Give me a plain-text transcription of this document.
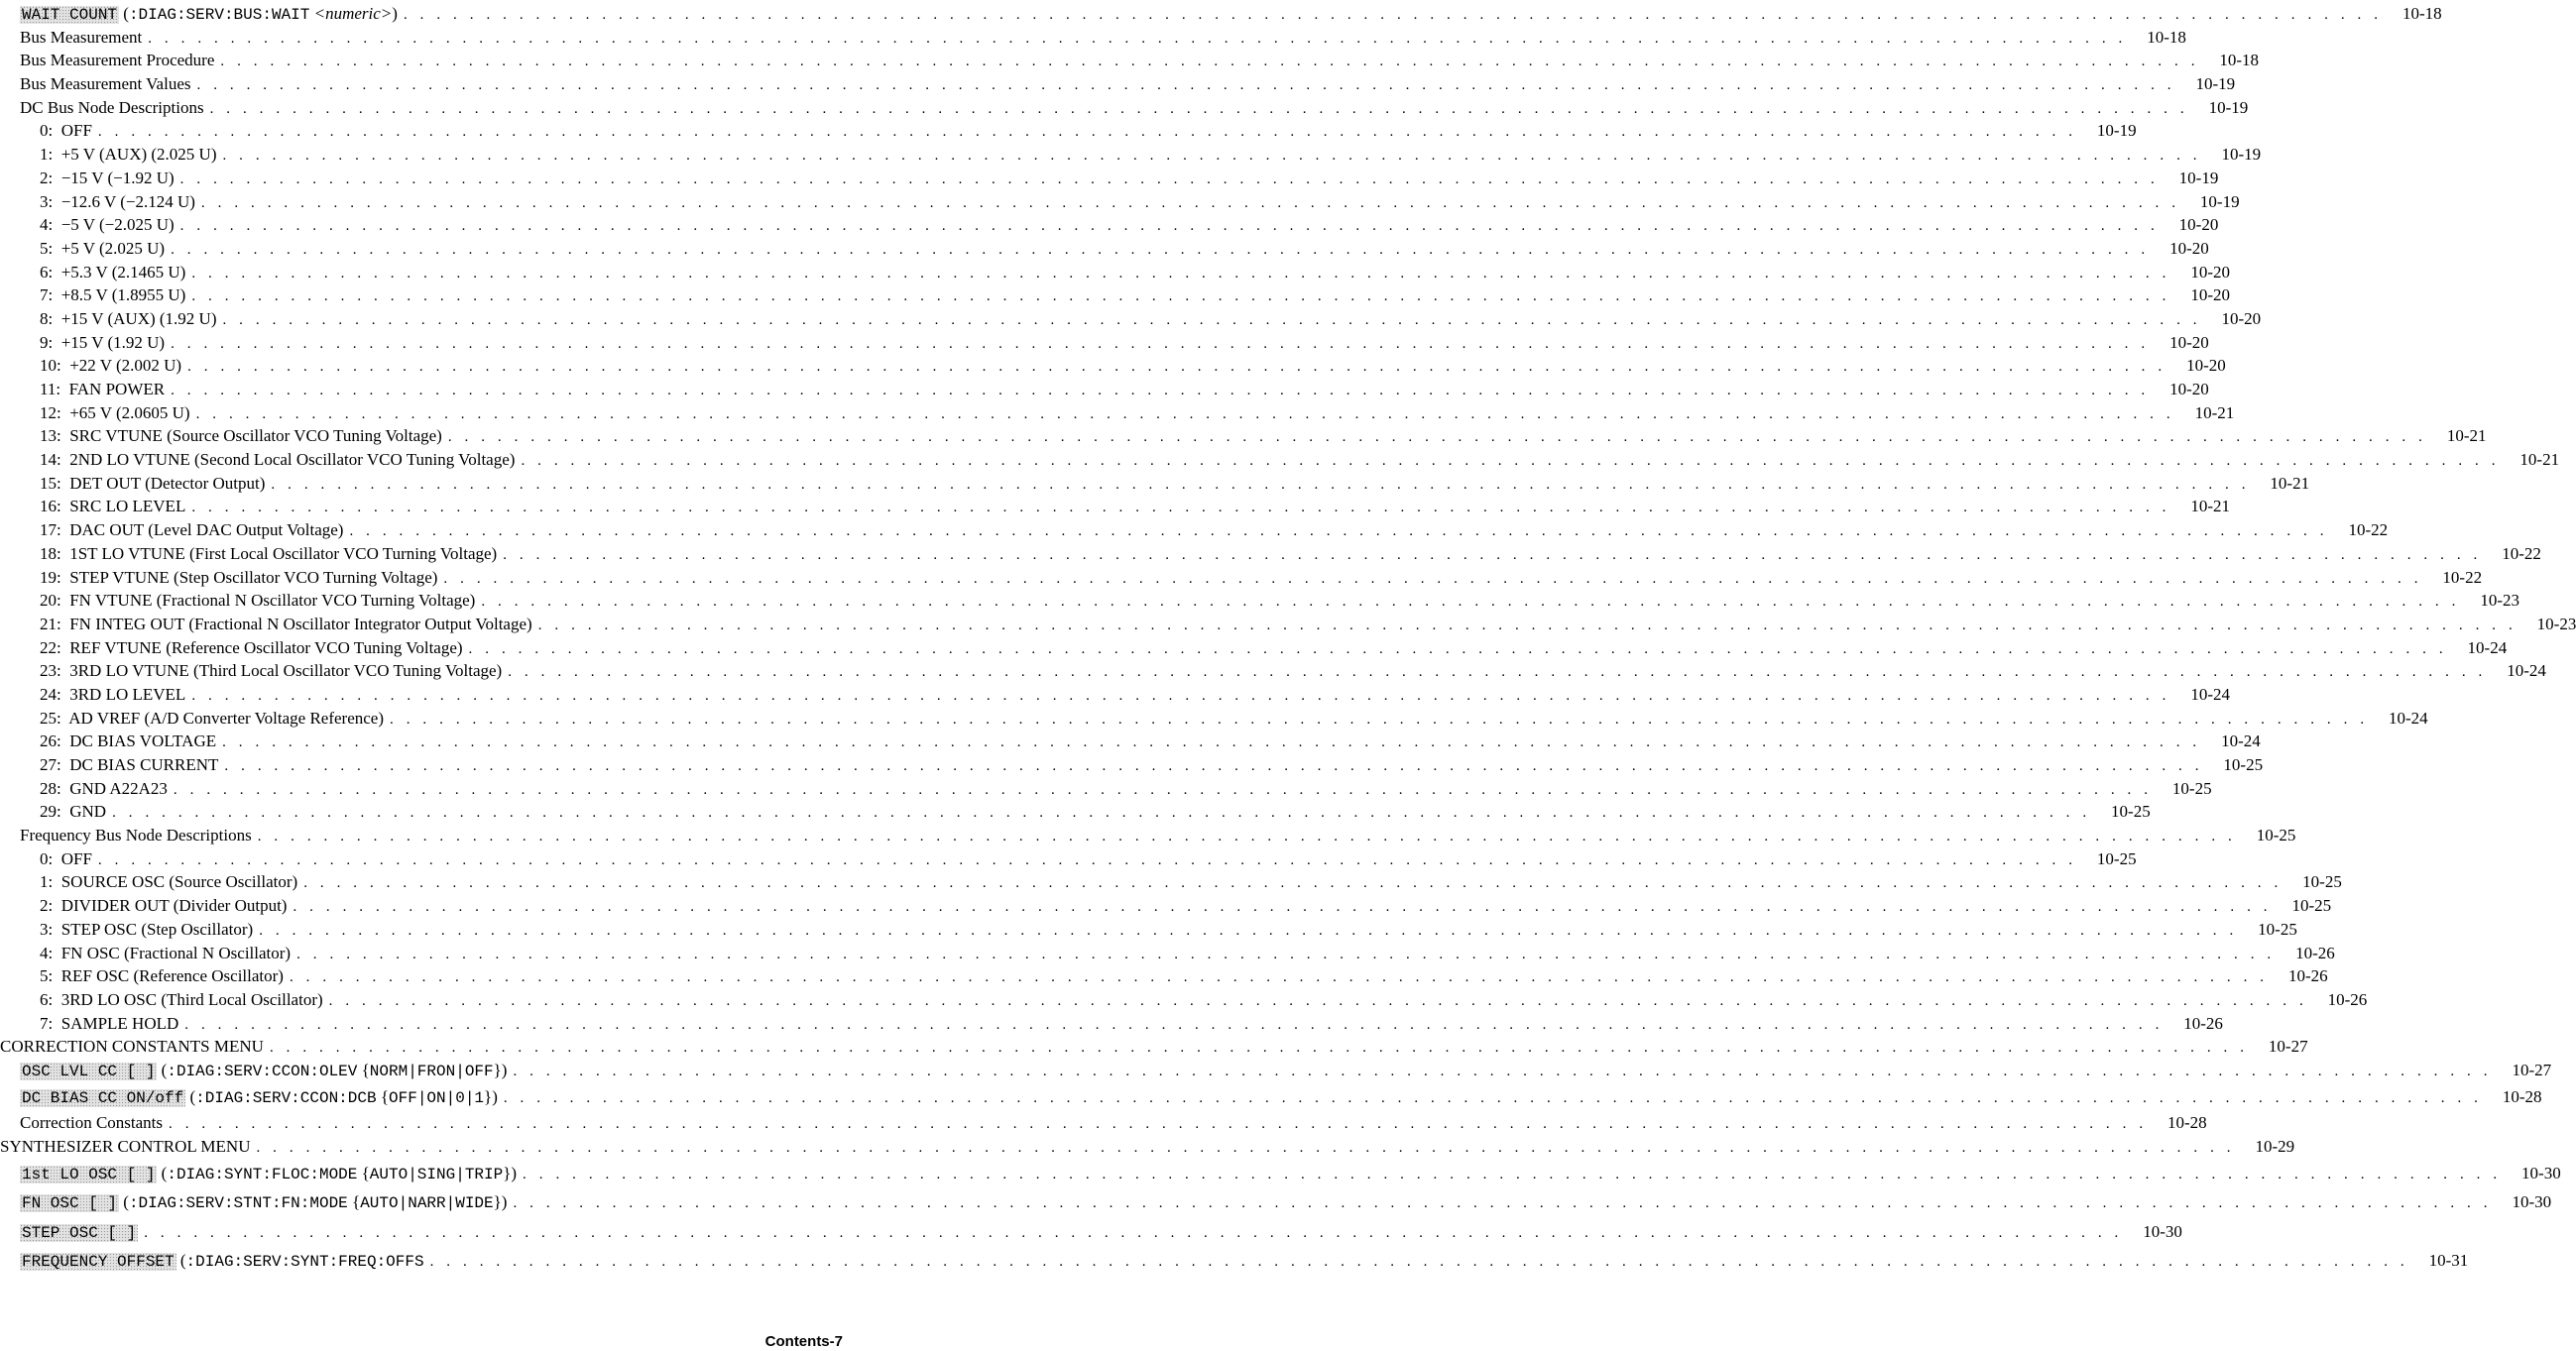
WAIT COUNT (:DIAG:SERV:BUS:WAIT <numeric>) . . . . . . . . . . . . . . . . . . . . . . . . . . . . . . . . . . . . . . . . . . . . . . . . . . . . . . . . . . . . . . . . . . . . . . . . . . . . . . . . . . . . . . . . . . . . . . . . . . . . . . . . . . . . . . . . . . . . . . . .	10-18
Bus Measurement . . . . . . . . . . . . . . . . . . . . . . . . . . . . . . . . . . . . . . . . . . . . . . . . . . . . . . . . . . . . . . . . . . . . . . . . . . . . . . . . . . . . . . . . . . . . . . . . . . . . . . . . . . . . . . . . . . . . . . . .	10-18
Bus Measurement Procedure . . . . . . . . . . . . . . . . . . . . . . . . . . . . . . . . . . . . . . . . . . . . . . . . . . . . . . . . . . . . . . . . . . . . . . . . . . . . . . . . . . . . . . . . . . . . . . . . . . . . . . . . . . . . . . . . . . . . . . . .	10-18
Bus Measurement Values . . . . . . . . . . . . . . . . . . . . . . . . . . . . . . . . . . . . . . . . . . . . . . . . . . . . . . . . . . . . . . . . . . . . . . . . . . . . . . . . . . . . . . . . . . . . . . . . . . . . . . . . . . . . . . . . . . . . . . . .	10-19
DC Bus Node Descriptions . . . . . . . . . . . . . . . . . . . . . . . . . . . . . . . . . . . . . . . . . . . . . . . . . . . . . . . . . . . . . . . . . . . . . . . . . . . . . . . . . . . . . . . . . . . . . . . . . . . . . . . . . . . . . . . . . . . . . . . .	10-19
0:  OFF . . . . . . . . . . . . . . . . . . . . . . . . . . . . . . . . . . . . . . . . . . . . . . . . . . . . . . . . . . . . . . . . . . . . . . . . . . . . . . . . . . . . . . . . . . . . . . . . . . . . . . . . . . . . . . . . . . . . . . . .	10-19
1:  +5 V (AUX) (2.025 U) . . . . . . . . . . . . . . . . . . . . . . . . . . . . . . . . . . . . . . . . . . . . . . . . . . . . . . . . . . . . . . . . . . . . . . . . . . . . . . . . . . . . . . . . . . . . . . . . . . . . . . . . . . . . . . . . . . . . . . . .	10-19
2:  −15 V (−1.92 U) . . . . . . . . . . . . . . . . . . . . . . . . . . . . . . . . . . . . . . . . . . . . . . . . . . . . . . . . . . . . . . . . . . . . . . . . . . . . . . . . . . . . . . . . . . . . . . . . . . . . . . . . . . . . . . . . . . . . . . . .	10-19
3:  −12.6 V (−2.124 U) . . . . . . . . . . . . . . . . . . . . . . . . . . . . . . . . . . . . . . . . . . . . . . . . . . . . . . . . . . . . . . . . . . . . . . . . . . . . . . . . . . . . . . . . . . . . . . . . . . . . . . . . . . . . . . . . . . . . . . . .	10-19
4:  −5 V (−2.025 U) . . . . . . . . . . . . . . . . . . . . . . . . . . . . . . . . . . . . . . . . . . . . . . . . . . . . . . . . . . . . . . . . . . . . . . . . . . . . . . . . . . . . . . . . . . . . . . . . . . . . . . . . . . . . . . . . . . . . . . . .	10-20
5:  +5 V (2.025 U) . . . . . . . . . . . . . . . . . . . . . . . . . . . . . . . . . . . . . . . . . . . . . . . . . . . . . . . . . . . . . . . . . . . . . . . . . . . . . . . . . . . . . . . . . . . . . . . . . . . . . . . . . . . . . . . . . . . . . . . .	10-20
6:  +5.3 V (2.1465 U) . . . . . . . . . . . . . . . . . . . . . . . . . . . . . . . . . . . . . . . . . . . . . . . . . . . . . . . . . . . . . . . . . . . . . . . . . . . . . . . . . . . . . . . . . . . . . . . . . . . . . . . . . . . . . . . . . . . . . . . .	10-20
7:  +8.5 V (1.8955 U) . . . . . . . . . . . . . . . . . . . . . . . . . . . . . . . . . . . . . . . . . . . . . . . . . . . . . . . . . . . . . . . . . . . . . . . . . . . . . . . . . . . . . . . . . . . . . . . . . . . . . . . . . . . . . . . . . . . . . . . .	10-20
8:  +15 V (AUX) (1.92 U) . . . . . . . . . . . . . . . . . . . . . . . . . . . . . . . . . . . . . . . . . . . . . . . . . . . . . . . . . . . . . . . . . . . . . . . . . . . . . . . . . . . . . . . . . . . . . . . . . . . . . . . . . . . . . . . . . . . . . . . .	10-20
9:  +15 V (1.92 U) . . . . . . . . . . . . . . . . . . . . . . . . . . . . . . . . . . . . . . . . . . . . . . . . . . . . . . . . . . . . . . . . . . . . . . . . . . . . . . . . . . . . . . . . . . . . . . . . . . . . . . . . . . . . . . . . . . . . . . . .	10-20
10:  +22 V (2.002 U) . . . . . . . . . . . . . . . . . . . . . . . . . . . . . . . . . . . . . . . . . . . . . . . . . . . . . . . . . . . . . . . . . . . . . . . . . . . . . . . . . . . . . . . . . . . . . . . . . . . . . . . . . . . . . . . . . . . . . . . .	10-20
11:  FAN POWER . . . . . . . . . . . . . . . . . . . . . . . . . . . . . . . . . . . . . . . . . . . . . . . . . . . . . . . . . . . . . . . . . . . . . . . . . . . . . . . . . . . . . . . . . . . . . . . . . . . . . . . . . . . . . . . . . . . . . . . .	10-20
12:  +65 V (2.0605 U) . . . . . . . . . . . . . . . . . . . . . . . . . . . . . . . . . . . . . . . . . . . . . . . . . . . . . . . . . . . . . . . . . . . . . . . . . . . . . . . . . . . . . . . . . . . . . . . . . . . . . . . . . . . . . . . . . . . . . . . .	10-21
13:  SRC VTUNE (Source Oscillator VCO Tuning Voltage) . . . . . . . . . . . . . . . . . . . . . . . . . . . . . . . . . . . . . . . . . . . . . . . . . . . . . . . . . . . . . . . . . . . . . . . . . . . . . . . . . . . . . . . . . . . . . . . . . . . . . . . . . . . . . . . . . . . . . . . .	10-21
14:  2ND LO VTUNE (Second Local Oscillator VCO Tuning Voltage) . . . . . . . . . . . . . . . . . . . . . . . . . . . . . . . . . . . . . . . . . . . . . . . . . . . . . . . . . . . . . . . . . . . . . . . . . . . . . . . . . . . . . . . . . . . . . . . . . . . . . . . . . . . . . . . . . . . . . . . .	10-21
15:  DET OUT (Detector Output) . . . . . . . . . . . . . . . . . . . . . . . . . . . . . . . . . . . . . . . . . . . . . . . . . . . . . . . . . . . . . . . . . . . . . . . . . . . . . . . . . . . . . . . . . . . . . . . . . . . . . . . . . . . . . . . . . . . . . . . .	10-21
16:  SRC LO LEVEL . . . . . . . . . . . . . . . . . . . . . . . . . . . . . . . . . . . . . . . . . . . . . . . . . . . . . . . . . . . . . . . . . . . . . . . . . . . . . . . . . . . . . . . . . . . . . . . . . . . . . . . . . . . . . . . . . . . . . . . .	10-21
17:  DAC OUT (Level DAC Output Voltage) . . . . . . . . . . . . . . . . . . . . . . . . . . . . . . . . . . . . . . . . . . . . . . . . . . . . . . . . . . . . . . . . . . . . . . . . . . . . . . . . . . . . . . . . . . . . . . . . . . . . . . . . . . . . . . . . . . . . . . . .	10-22
18:  1ST LO VTUNE (First Local Oscillator VCO Turning Voltage) . . . . . . . . . . . . . . . . . . . . . . . . . . . . . . . . . . . . . . . . . . . . . . . . . . . . . . . . . . . . . . . . . . . . . . . . . . . . . . . . . . . . . . . . . . . . . . . . . . . . . . . . . . . . . . . . . . . . . . . .	10-22
19:  STEP VTUNE (Step Oscillator VCO Turning Voltage) . . . . . . . . . . . . . . . . . . . . . . . . . . . . . . . . . . . . . . . . . . . . . . . . . . . . . . . . . . . . . . . . . . . . . . . . . . . . . . . . . . . . . . . . . . . . . . . . . . . . . . . . . . . . . . . . . . . . . . . .	10-22
20:  FN VTUNE (Fractional N Oscillator VCO Turning Voltage) . . . . . . . . . . . . . . . . . . . . . . . . . . . . . . . . . . . . . . . . . . . . . . . . . . . . . . . . . . . . . . . . . . . . . . . . . . . . . . . . . . . . . . . . . . . . . . . . . . . . . . . . . . . . . . . . . . . . . . . .	10-23
21:  FN INTEG OUT (Fractional N Oscillator Integrator Output Voltage) . . . . . . . . . . . . . . . . . . . . . . . . . . . . . . . . . . . . . . . . . . . . . . . . . . . . . . . . . . . . . . . . . . . . . . . . . . . . . . . . . . . . . . . . . . . . . . . . . . . . . . . . . . . . . . . . . . . . . . . .	10-23
22:  REF VTUNE (Reference Oscillator VCO Tuning Voltage) . . . . . . . . . . . . . . . . . . . . . . . . . . . . . . . . . . . . . . . . . . . . . . . . . . . . . . . . . . . . . . . . . . . . . . . . . . . . . . . . . . . . . . . . . . . . . . . . . . . . . . . . . . . . . . . . . . . . . . . .	10-24
23:  3RD LO VTUNE (Third Local Oscillator VCO Tuning Voltage) . . . . . . . . . . . . . . . . . . . . . . . . . . . . . . . . . . . . . . . . . . . . . . . . . . . . . . . . . . . . . . . . . . . . . . . . . . . . . . . . . . . . . . . . . . . . . . . . . . . . . . . . . . . . . . . . . . . . . . . .	10-24
24:  3RD LO LEVEL . . . . . . . . . . . . . . . . . . . . . . . . . . . . . . . . . . . . . . . . . . . . . . . . . . . . . . . . . . . . . . . . . . . . . . . . . . . . . . . . . . . . . . . . . . . . . . . . . . . . . . . . . . . . . . . . . . . . . . . .	10-24
25:  AD VREF (A/D Converter Voltage Reference) . . . . . . . . . . . . . . . . . . . . . . . . . . . . . . . . . . . . . . . . . . . . . . . . . . . . . . . . . . . . . . . . . . . . . . . . . . . . . . . . . . . . . . . . . . . . . . . . . . . . . . . . . . . . . . . . . . . . . . . .	10-24
26:  DC BIAS VOLTAGE . . . . . . . . . . . . . . . . . . . . . . . . . . . . . . . . . . . . . . . . . . . . . . . . . . . . . . . . . . . . . . . . . . . . . . . . . . . . . . . . . . . . . . . . . . . . . . . . . . . . . . . . . . . . . . . . . . . . . . . .	10-24
27:  DC BIAS CURRENT . . . . . . . . . . . . . . . . . . . . . . . . . . . . . . . . . . . . . . . . . . . . . . . . . . . . . . . . . . . . . . . . . . . . . . . . . . . . . . . . . . . . . . . . . . . . . . . . . . . . . . . . . . . . . . . . . . . . . . . .	10-25
28:  GND A22A23 . . . . . . . . . . . . . . . . . . . . . . . . . . . . . . . . . . . . . . . . . . . . . . . . . . . . . . . . . . . . . . . . . . . . . . . . . . . . . . . . . . . . . . . . . . . . . . . . . . . . . . . . . . . . . . . . . . . . . . . .	10-25
29:  GND . . . . . . . . . . . . . . . . . . . . . . . . . . . . . . . . . . . . . . . . . . . . . . . . . . . . . . . . . . . . . . . . . . . . . . . . . . . . . . . . . . . . . . . . . . . . . . . . . . . . . . . . . . . . . . . . . . . . . . . .	10-25
Frequency Bus Node Descriptions . . . . . . . . . . . . . . . . . . . . . . . . . . . . . . . . . . . . . . . . . . . . . . . . . . . . . . . . . . . . . . . . . . . . . . . . . . . . . . . . . . . . . . . . . . . . . . . . . . . . . . . . . . . . . . . . . . . . . . . .	10-25
0:  OFF . . . . . . . . . . . . . . . . . . . . . . . . . . . . . . . . . . . . . . . . . . . . . . . . . . . . . . . . . . . . . . . . . . . . . . . . . . . . . . . . . . . . . . . . . . . . . . . . . . . . . . . . . . . . . . . . . . . . . . . .	10-25
1:  SOURCE OSC (Source Oscillator) . . . . . . . . . . . . . . . . . . . . . . . . . . . . . . . . . . . . . . . . . . . . . . . . . . . . . . . . . . . . . . . . . . . . . . . . . . . . . . . . . . . . . . . . . . . . . . . . . . . . . . . . . . . . . . . . . . . . . . . .	10-25
2:  DIVIDER OUT (Divider Output) . . . . . . . . . . . . . . . . . . . . . . . . . . . . . . . . . . . . . . . . . . . . . . . . . . . . . . . . . . . . . . . . . . . . . . . . . . . . . . . . . . . . . . . . . . . . . . . . . . . . . . . . . . . . . . . . . . . . . . . .	10-25
3:  STEP OSC (Step Oscillator) . . . . . . . . . . . . . . . . . . . . . . . . . . . . . . . . . . . . . . . . . . . . . . . . . . . . . . . . . . . . . . . . . . . . . . . . . . . . . . . . . . . . . . . . . . . . . . . . . . . . . . . . . . . . . . . . . . . . . . . .	10-25
4:  FN OSC (Fractional N Oscillator) . . . . . . . . . . . . . . . . . . . . . . . . . . . . . . . . . . . . . . . . . . . . . . . . . . . . . . . . . . . . . . . . . . . . . . . . . . . . . . . . . . . . . . . . . . . . . . . . . . . . . . . . . . . . . . . . . . . . . . . .	10-26
5:  REF OSC (Reference Oscillator) . . . . . . . . . . . . . . . . . . . . . . . . . . . . . . . . . . . . . . . . . . . . . . . . . . . . . . . . . . . . . . . . . . . . . . . . . . . . . . . . . . . . . . . . . . . . . . . . . . . . . . . . . . . . . . . . . . . . . . . .	10-26
6:  3RD LO OSC (Third Local Oscillator) . . . . . . . . . . . . . . . . . . . . . . . . . . . . . . . . . . . . . . . . . . . . . . . . . . . . . . . . . . . . . . . . . . . . . . . . . . . . . . . . . . . . . . . . . . . . . . . . . . . . . . . . . . . . . . . . . . . . . . . .	10-26
7:  SAMPLE HOLD . . . . . . . . . . . . . . . . . . . . . . . . . . . . . . . . . . . . . . . . . . . . . . . . . . . . . . . . . . . . . . . . . . . . . . . . . . . . . . . . . . . . . . . . . . . . . . . . . . . . . . . . . . . . . . . . . . . . . . . .	10-26
CORRECTION CONSTANTS MENU . . . . . . . . . . . . . . . . . . . . . . . . . . . . . . . . . . . . . . . . . . . . . . . . . . . . . . . . . . . . . . . . . . . . . . . . . . . . . . . . . . . . . . . . . . . . . . . . . . . . . . . . . . . . . . . . . . . . . . . .	10-27
OSC LVL CC [ ] (:DIAG:SERV:CCON:OLEV {NORM|FRON|OFF}) . . . . . . . . . . . . . . . . . . . . . . . . . . . . . . . . . . . . . . . . . . . . . . . . . . . . . . . . . . . . . . . . . . . . . . . . . . . . . . . . . . . . . . . . . . . . . . . . . . . . . . . . . . . . . . . . . . . . . . . .	10-27
DC BIAS CC ON/off (:DIAG:SERV:CCON:DCB {OFF|ON|0|1}) . . . . . . . . . . . . . . . . . . . . . . . . . . . . . . . . . . . . . . . . . . . . . . . . . . . . . . . . . . . . . . . . . . . . . . . . . . . . . . . . . . . . . . . . . . . . . . . . . . . . . . . . . . . . . . . . . . . . . . . .	10-28
Correction Constants . . . . . . . . . . . . . . . . . . . . . . . . . . . . . . . . . . . . . . . . . . . . . . . . . . . . . . . . . . . . . . . . . . . . . . . . . . . . . . . . . . . . . . . . . . . . . . . . . . . . . . . . . . . . . . . . . . . . . . . .	10-28
SYNTHESIZER CONTROL MENU . . . . . . . . . . . . . . . . . . . . . . . . . . . . . . . . . . . . . . . . . . . . . . . . . . . . . . . . . . . . . . . . . . . . . . . . . . . . . . . . . . . . . . . . . . . . . . . . . . . . . . . . . . . . . . . . . . . . . . . .	10-29
1st LO OSC [ ] (:DIAG:SYNT:FLOC:MODE {AUTO|SING|TRIP}) . . . . . . . . . . . . . . . . . . . . . . . . . . . . . . . . . . . . . . . . . . . . . . . . . . . . . . . . . . . . . . . . . . . . . . . . . . . . . . . . . . . . . . . . . . . . . . . . . . . . . . . . . . . . . . . . . . . . . . . .	10-30
FN OSC [ ] (:DIAG:SERV:STNT:FN:MODE {AUTO|NARR|WIDE}) . . . . . . . . . . . . . . . . . . . . . . . . . . . . . . . . . . . . . . . . . . . . . . . . . . . . . . . . . . . . . . . . . . . . . . . . . . . . . . . . . . . . . . . . . . . . . . . . . . . . . . . . . . . . . . . . . . . . . . . .	10-30
STEP OSC [ ] . . . . . . . . . . . . . . . . . . . . . . . . . . . . . . . . . . . . . . . . . . . . . . . . . . . . . . . . . . . . . . . . . . . . . . . . . . . . . . . . . . . . . . . . . . . . . . . . . . . . . . . . . . . . . . . . . . . . . . . .	10-30
FREQUENCY OFFSET (:DIAG:SERV:SYNT:FREQ:OFFS . . . . . . . . . . . . . . . . . . . . . . . . . . . . . . . . . . . . . . . . . . . . . . . . . . . . . . . . . . . . . . . . . . . . . . . . . . . . . . . . . . . . . . . . . . . . . . . . . . . . . . . . . . . . . . . . . . . . . . . .	10-31
Contents-7
